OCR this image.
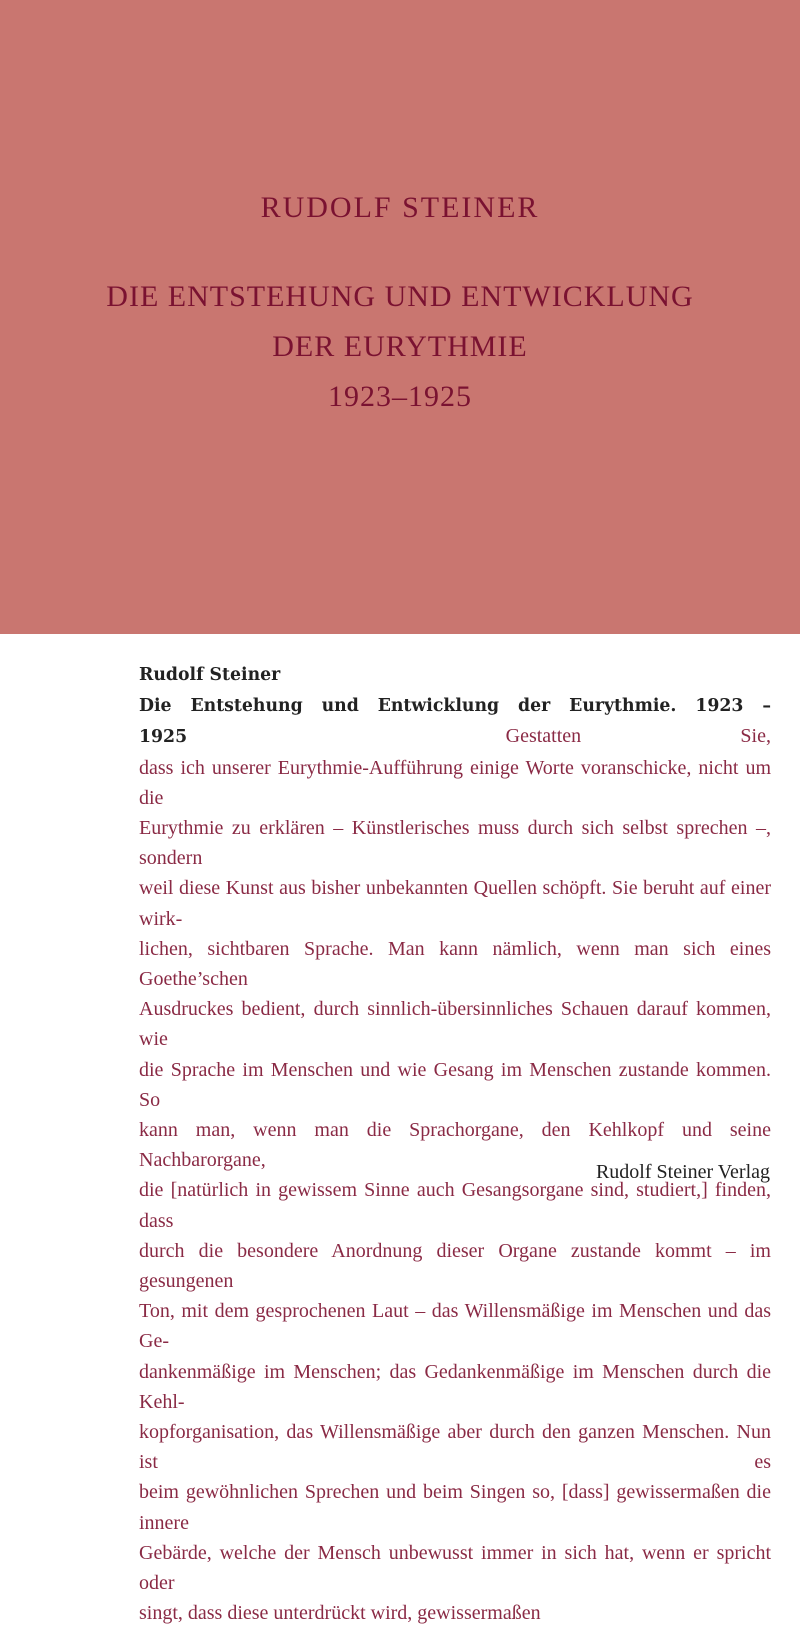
RUDOLF STEINER
DIE ENTSTEHUNG UND ENTWICKLUNG
DER EURYTHMIE
1923–1925
Rudolf Steiner
Die Entstehung und Entwicklung der Eurythmie. 1923 –1925	Gestatten Sie,
dass ich unserer Eurythmie-Aufführung einige Worte voranschicke, nicht um die
Eurythmie zu erklären – Künstlerisches muss durch sich selbst sprechen –, sondern
weil diese Kunst aus bisher unbekannten Quellen schöpft. Sie beruht auf einer wirk-
lichen, sichtbaren Sprache. Man kann nämlich, wenn man sich eines Goethe’schen
Ausdruckes bedient, durch sinnlich-übersinnliches Schauen darauf kommen, wie
die Sprache im Menschen und wie Gesang im Menschen zustande kommen. So
kann man, wenn man die Sprachorgane, den Kehlkopf und seine Nachbarorgane,
die [natürlich in gewissem Sinne auch Gesangsorgane sind, studiert,] finden, dass
durch die besondere Anordnung dieser Organe zustande kommt – im gesungenen
Ton, mit dem gesprochenen Laut – das Willensmäßige im Menschen und das Ge-
dankenmäßige im Menschen; das Gedankenmäßige im Menschen durch die Kehl-
kopforganisation, das Willensmäßige aber durch den ganzen Menschen. Nun ist es
beim gewöhnlichen Sprechen und beim Singen so, [dass] gewissermaßen die innere
Gebärde, welche der Mensch unbewusst immer in sich hat, wenn er spricht oder
singt, dass diese unterdrückt wird, gewissermaßen
Rudolf Steiner Verlag
